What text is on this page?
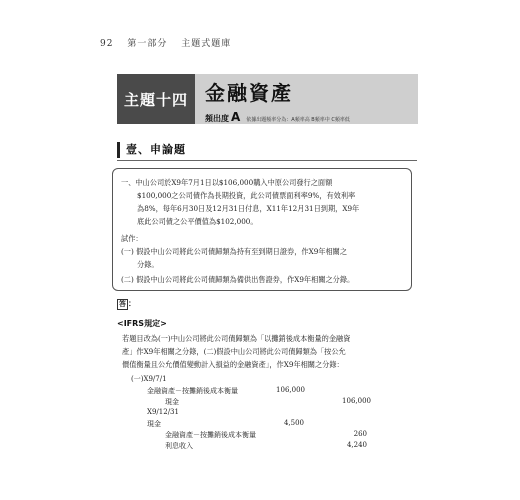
92 第一部分 主題式題庫
主題十四 金融資產
頻出度 A 依據出題頻率分為：A頻率高 B頻率中 C頻率低
壹、申論題
一、中山公司於X9年7月1日以$106,000購入中原公司發行之面額
$100,000之公司債作為長期投資，此公司債票面利率9%，有效利率
為8%，每年6月30日及12月31日付息，X11年12月31日到期，X9年
底此公司債之公平價值為$102,000。
試作：
(一) 假設中山公司將此公司債歸類為持有至到期日證券，作X9年相關之
分錄。
(二) 假設中山公司將此公司債歸類為備供出售證券，作X9年相關之分錄。
答 ：
<IFRS規定>
若題目改為(一)中山公司將此公司債歸類為「以攤銷後成本衡量的金融資
產」作X9年相關之分錄，(二)假設中山公司將此公司債歸類為「按公允
價值衡量且公允價值變動計入損益的金融資產」，作X9年相關之分錄：
(一)X9/7/1
金融資產－按攤銷後成本衡量	106,000
現金	106,000
X9/12/31
現金	4,500
金融資產－按攤銷後成本衡量	260
利息收入	4,240
